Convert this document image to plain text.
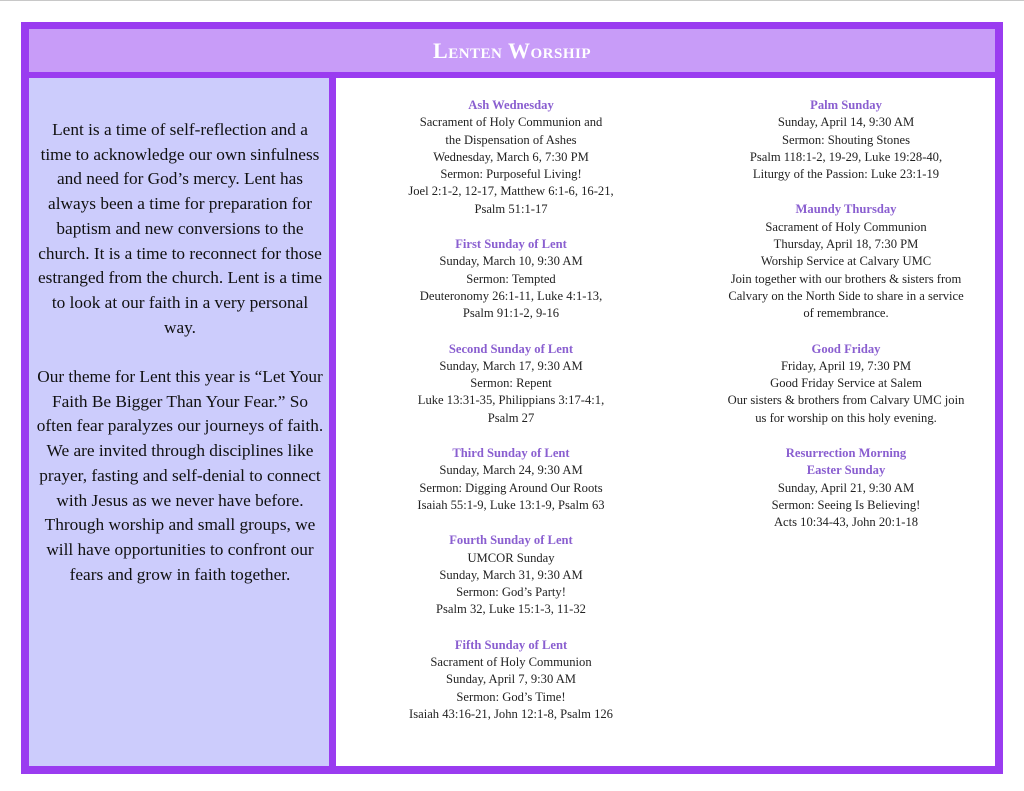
Lenten Worship

Lent is a time of self-reflection and a time to acknowledge our own sinfulness and need for God’s mercy. Lent has always been a time for preparation for baptism and new conversions to the church. It is a time to reconnect for those estranged from the church. Lent is a time to look at our faith in a very personal way.

Our theme for Lent this year is “Let Your Faith Be Bigger Than Your Fear.” So often fear paralyzes our journeys of faith. We are invited through disciplines like prayer, fasting and self-denial to connect with Jesus as we never have before. Through worship and small groups, we will have opportunities to confront our fears and grow in faith together.

Ash Wednesday
Sacrament of Holy Communion and
the Dispensation of Ashes
Wednesday, March 6, 7:30 PM
Sermon: Purposeful Living!
Joel 2:1-2, 12-17, Matthew 6:1-6, 16-21,
Psalm 51:1-17
First Sunday of Lent
Sunday, March 10, 9:30 AM
Sermon: Tempted
Deuteronomy 26:1-11, Luke 4:1-13,
Psalm 91:1-2, 9-16
Second Sunday of Lent
Sunday, March 17, 9:30 AM
Sermon: Repent
Luke 13:31-35, Philippians 3:17-4:1,
Psalm 27
Third Sunday of Lent
Sunday, March 24, 9:30 AM
Sermon: Digging Around Our Roots
Isaiah 55:1-9, Luke 13:1-9, Psalm 63
Fourth Sunday of Lent
UMCOR Sunday
Sunday, March 31, 9:30 AM
Sermon: God’s Party!
Psalm 32, Luke 15:1-3, 11-32
Fifth Sunday of Lent
Sacrament of Holy Communion
Sunday, April 7, 9:30 AM
Sermon: God’s Time!
Isaiah 43:16-21, John 12:1-8, Psalm 126
Palm Sunday
Sunday, April 14, 9:30 AM
Sermon: Shouting Stones
Psalm 118:1-2, 19-29, Luke 19:28-40,
Liturgy of the Passion: Luke 23:1-19
Maundy Thursday
Sacrament of Holy Communion
Thursday, April 18, 7:30 PM
Worship Service at Calvary UMC
Join together with our brothers & sisters from
Calvary on the North Side to share in a service
of remembrance.
Good Friday
Friday, April 19, 7:30 PM
Good Friday Service at Salem
Our sisters & brothers from Calvary UMC join
us for worship on this holy evening.
Resurrection Morning
Easter Sunday
Sunday, April 21, 9:30 AM
Sermon: Seeing Is Believing!
Acts 10:34-43, John 20:1-18
